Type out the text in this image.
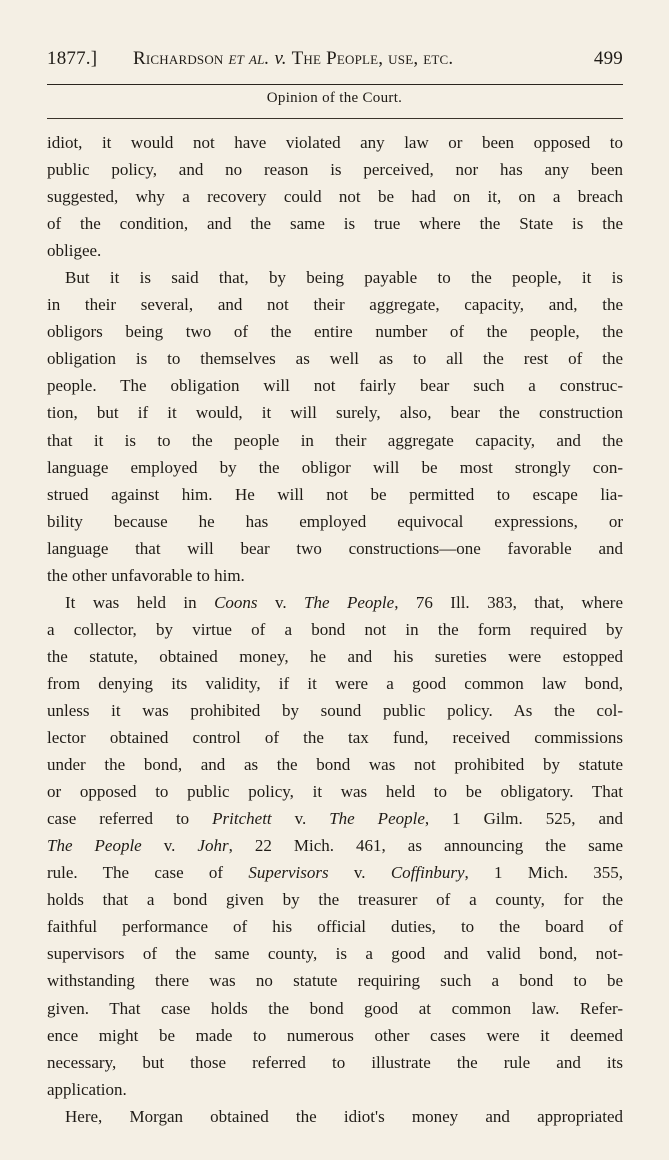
1877.] Richardson et al. v. The People, use, etc.	499
Opinion of the Court.
idiot, it would not have violated any law or been opposed to
public policy, and no reason is perceived, nor has any been
suggested, why a recovery could not be had on it, on a breach
of the condition, and the same is true where the State is the
obligee.
But it is said that, by being payable to the people, it is
in their several, and not their aggregate, capacity, and, the
obligors being two of the entire number of the people, the
obligation is to themselves as well as to all the rest of the
people. The obligation will not fairly bear such a construc-
tion, but if it would, it will surely, also, bear the construction
that it is to the people in their aggregate capacity, and the
language employed by the obligor will be most strongly con-
strued against him. He will not be permitted to escape lia-
bility because he has employed equivocal expressions, or
language that will bear two constructions—one favorable and
the other unfavorable to him.
It was held in Coons v. The People, 76 Ill. 383, that, where
a collector, by virtue of a bond not in the form required by
the statute, obtained money, he and his sureties were estopped
from denying its validity, if it were a good common law bond,
unless it was prohibited by sound public policy. As the col-
lector obtained control of the tax fund, received commissions
under the bond, and as the bond was not prohibited by statute
or opposed to public policy, it was held to be obligatory. That
case referred to Pritchett v. The People, 1 Gilm. 525, and
The People v. Johr, 22 Mich. 461, as announcing the same
rule. The case of Supervisors v. Coffinbury, 1 Mich. 355,
holds that a bond given by the treasurer of a county, for the
faithful performance of his official duties, to the board of
supervisors of the same county, is a good and valid bond, not-
withstanding there was no statute requiring such a bond to be
given. That case holds the bond good at common law. Refer-
ence might be made to numerous other cases were it deemed
necessary, but those referred to illustrate the rule and its
application.
Here, Morgan obtained the idiot's money and appropriated
